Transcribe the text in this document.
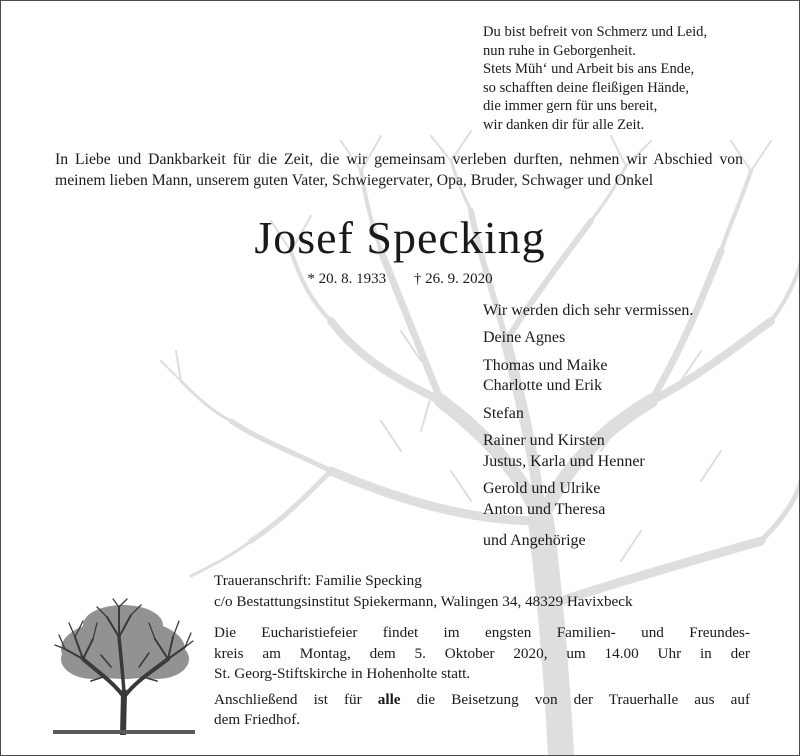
Du bist befreit von Schmerz und Leid,
nun ruhe in Geborgenheit.
Stets Müh‘ und Arbeit bis ans Ende,
so schafften deine fleißigen Hände,
die immer gern für uns bereit,
wir danken dir für alle Zeit.
In Liebe und Dankbarkeit für die Zeit, die wir gemeinsam verleben durften, nehmen wir Abschied von meinem lieben Mann, unserem guten Vater, Schwiegervater, Opa, Bruder, Schwager und Onkel
Josef Specking
* 20. 8. 1933 † 26. 9. 2020
Wir werden dich sehr vermissen.
Deine Agnes
Thomas und Maike
Charlotte und Erik
Stefan
Rainer und Kirsten
Justus, Karla und Henner
Gerold und Ulrike
Anton und Theresa
und Angehörige
Traueranschrift: Familie Specking
c/o Bestattungsinstitut Spiekermann, Walingen 34, 48329 Havixbeck

Die Eucharistiefeier findet im engsten Familien- und Freundes-
kreis am Montag, dem 5. Oktober 2020, um 14.00 Uhr in der
St. Georg-Stiftskirche in Hohenholte statt.

Anschließend ist für alle die Beisetzung von der Trauerhalle aus auf
dem Friedhof.
